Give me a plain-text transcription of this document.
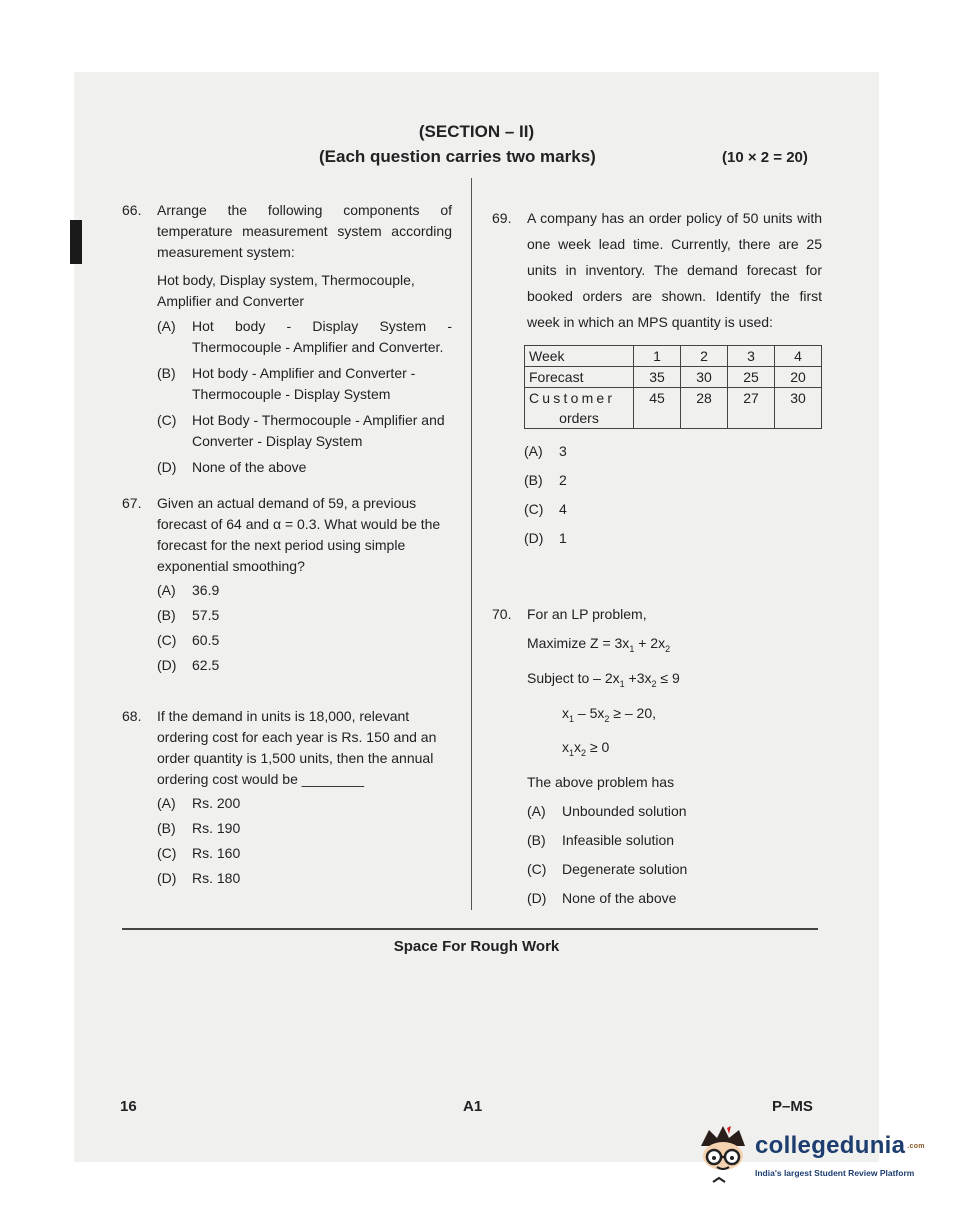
(SECTION – II)
(Each question carries two marks)	(10 × 2 = 20)
66. Arrange the following components of temperature measurement system according measurement system:
Hot body, Display system, Thermocouple, Amplifier and Converter
(A) Hot body - Display System - Thermocouple - Amplifier and Converter.
(B) Hot body - Amplifier and Converter - Thermocouple - Display System
(C) Hot Body - Thermocouple - Amplifier and Converter - Display System
(D) None of the above
67. Given an actual demand of 59, a previous forecast of 64 and α = 0.3. What would be the forecast for the next period using simple exponential smoothing?
(A) 36.9
(B) 57.5
(C) 60.5
(D) 62.5
68. If the demand in units is 18,000, relevant ordering cost for each year is Rs. 150 and an order quantity is 1,500 units, then the annual ordering cost would be ________
(A) Rs. 200
(B) Rs. 190
(C) Rs. 160
(D) Rs. 180
69. A company has an order policy of 50 units with one week lead time. Currently, there are 25 units in inventory. The demand forecast for booked orders are shown. Identify the first week in which an MPS quantity is used:
Week	1	2	3	4
Forecast	35	30	25	20

Customer
orders	45	28	27	30
(A) 3
(B) 2
(C) 4
(D) 1
70. For an LP problem,
Maximize $Z = 3x_1 + 2x_2$
Subject to – $2x_1 +3x_2 \le 9$
$x_1 - 5x_2$ ≥ – 20,
$x_1x_2 \ge 0$
The above problem has
(A) Unbounded solution
(B) Infeasible solution
(C) Degenerate solution
(D) None of the above
Space For Rough Work
16	A1	P–MS
collegedunia .com
India's largest Student Review Platform
